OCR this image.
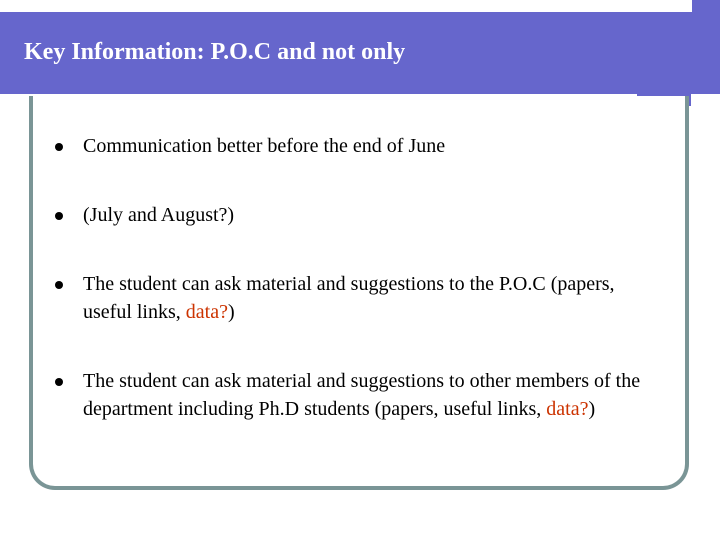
Key Information: P.O.C and not only
Communication better before the end of June
(July and August?)
The student can ask material and suggestions to the P.O.C (papers, useful links, data?)
The student can ask material and suggestions to other members of the department including Ph.D students (papers, useful links, data?)
